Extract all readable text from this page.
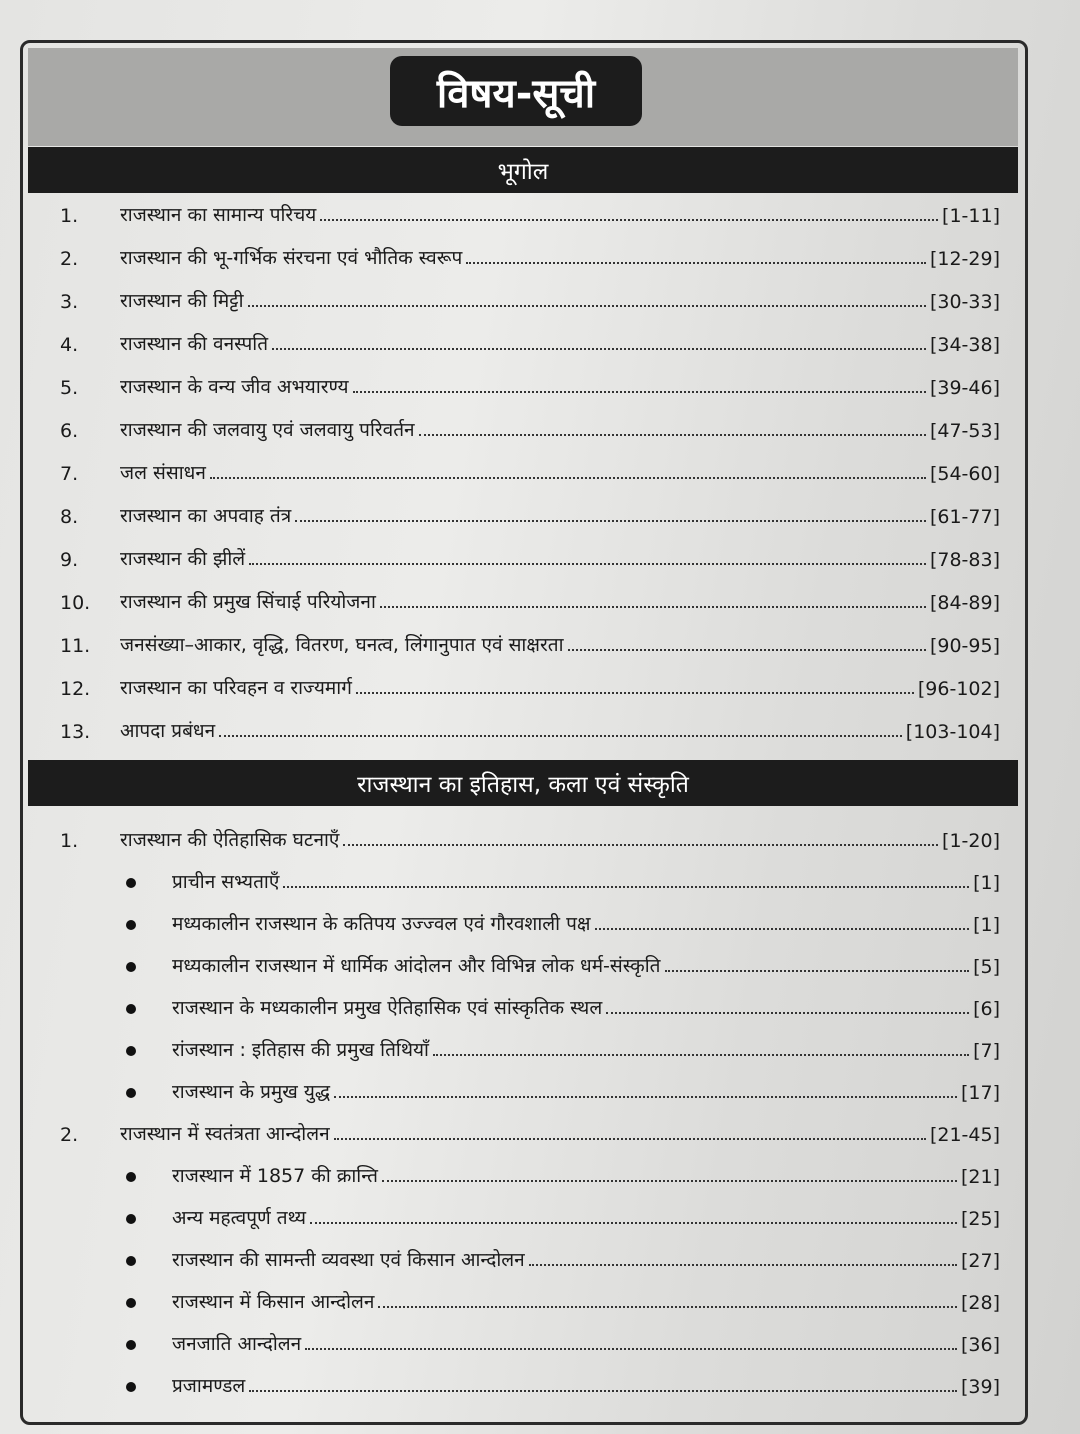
विषय-सूची
भूगोल
राजस्थान का इतिहास, कला एवं संस्कृति
1.	राजस्थान का सामान्य परिचय	[1-11]
2.	राजस्थान की भू-गर्भिक संरचना एवं भौतिक स्वरूप	[12-29]
3.	राजस्थान की मिट्टी	[30-33]
4.	राजस्थान की वनस्पति	[34-38]
5.	राजस्थान के वन्य जीव अभयारण्य	[39-46]
6.	राजस्थान की जलवायु एवं जलवायु परिवर्तन	[47-53]
7.	जल संसाधन	[54-60]
8.	राजस्थान का अपवाह तंत्र	[61-77]
9.	राजस्थान की झीलें	[78-83]
10.	राजस्थान की प्रमुख सिंचाई परियोजना	[84-89]
11.	जनसंख्या–आकार, वृद्धि, वितरण, घनत्व, लिंगानुपात एवं साक्षरता	[90-95]
12.	राजस्थान का परिवहन व राज्यमार्ग	[96-102]
13.	आपदा प्रबंधन	[103-104]
1.	राजस्थान की ऐतिहासिक घटनाएँ	[1-20]
प्राचीन सभ्यताएँ	[1]
मध्यकालीन राजस्थान के कतिपय उज्ज्वल एवं गौरवशाली पक्ष	[1]
मध्यकालीन राजस्थान में धार्मिक आंदोलन और विभिन्न लोक धर्म-संस्कृति	[5]
राजस्थान के मध्यकालीन प्रमुख ऐतिहासिक एवं सांस्कृतिक स्थल	[6]
रांजस्थान : इतिहास की प्रमुख तिथियाँ	[7]
राजस्थान के प्रमुख युद्ध	[17]
2.	राजस्थान में स्वतंत्रता आन्दोलन	[21-45]
राजस्थान में 1857 की क्रान्ति	[21]
अन्य महत्वपूर्ण तथ्य	[25]
राजस्थान की सामन्ती व्यवस्था एवं किसान आन्दोलन	[27]
राजस्थान में किसान आन्दोलन	[28]
जनजाति आन्दोलन	[36]
प्रजामण्डल	[39]
